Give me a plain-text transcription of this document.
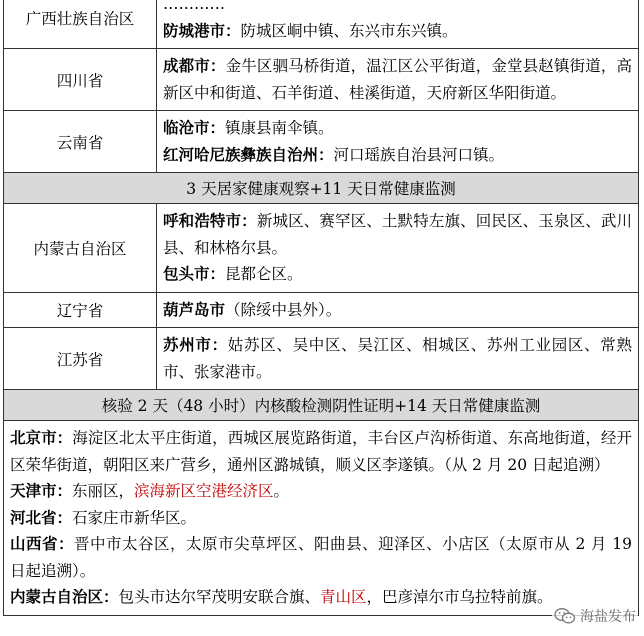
广西壮族自治区	…………
防城港市：防城区峒中镇、东兴市东兴镇。

四川省	成都市：金牛区驷马桥街道，温江区公平街道，金堂县赵镇街道，高新区中和街道、石羊街道、桂溪街道，天府新区华阳街道。

云南省	临沧市：镇康县南伞镇。
红河哈尼族彝族自治州：河口瑶族自治县河口镇。

3 天居家健康观察+11 天日常健康监测	
内蒙古自治区	呼和浩特市：新城区、赛罕区、土默特左旗、回民区、玉泉区、武川县、和林格尔县。
包头市：昆都仑区。

辽宁省	葫芦岛市（除绥中县外）。

江苏省	苏州市：姑苏区、吴中区、吴江区、相城区、苏州工业园区、常熟市、张家港市。

核验 2 天（48 小时）内核酸检测阴性证明+14 天日常健康监测	

北京市：海淀区北太平庄街道，西城区展览路街道，丰台区卢沟桥街道、东高地街道，经开区荣华街道，朝阳区来广营乡，通州区潞城镇，顺义区李遂镇。（从 2 月 20 日起追溯）
天津市：东丽区，滨海新区空港经济区。
河北省：石家庄市新华区。
山西省：晋中市太谷区，太原市尖草坪区、阳曲县、迎泽区、小店区（太原市从 2 月 19 日起追溯）。
内蒙古自治区：包头市达尔罕茂明安联合旗、青山区，巴彦淖尔市乌拉特前旗。	
海盐发布
